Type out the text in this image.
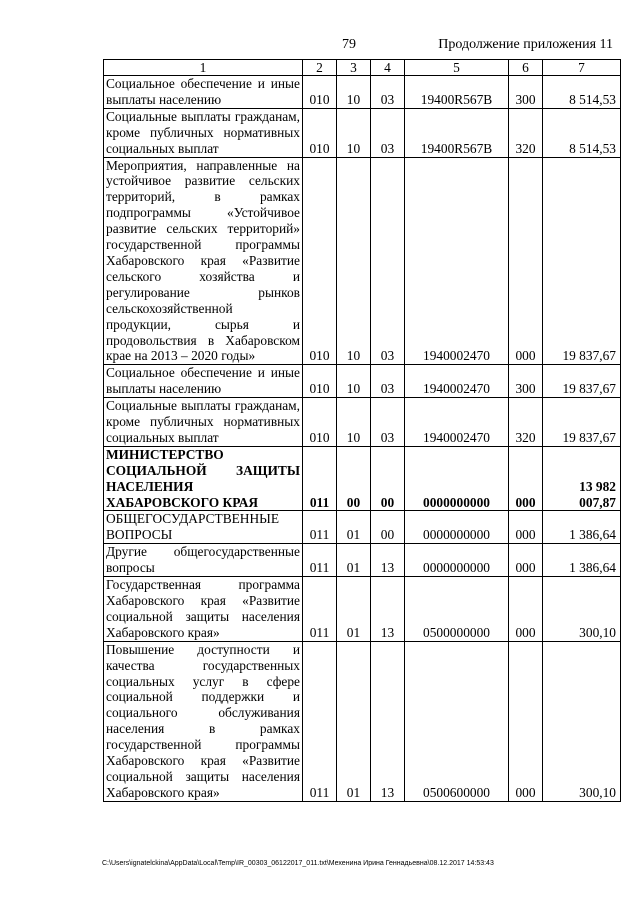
79	Продолжение приложения 11
1	2	3	4	5	6	7
Социальное обеспечение и иные выплаты населению	010	10	03	19400R567B	300	8 514,53
Социальные выплаты гражданам, кроме публичных нормативных социальных выплат	010	10	03	19400R567B	320	8 514,53
Мероприятия, направленные на устойчивое развитие сельских территорий, в рамках подпрограммы «Устойчивое развитие сельских территорий» государственной программы Хабаровского края «Развитие сельского хозяйства и регулирование рынков сельскохозяйственной продукции, сырья и продовольствия в Хабаровском крае на 2013 – 2020 годы»	010	10	03	1940002470	000	19 837,67
Социальное обеспечение и иные выплаты населению	010	10	03	1940002470	300	19 837,67
Социальные выплаты гражданам, кроме публичных нормативных социальных выплат	010	10	03	1940002470	320	19 837,67
МИНИСТЕРСТВО СОЦИАЛЬНОЙ ЗАЩИТЫ НАСЕЛЕНИЯ ХАБАРОВСКОГО КРАЯ	011	00	00	0000000000	000	13 982 007,87
ОБЩЕГОСУДАРСТВЕННЫЕ ВОПРОСЫ	011	01	00	0000000000	000	1 386,64
Другие общегосударственные вопросы	011	01	13	0000000000	000	1 386,64
Государственная программа Хабаровского края «Развитие социальной защиты населения Хабаровского края»	011	01	13	0500000000	000	300,10
Повышение доступности и качества государственных социальных услуг в сфере социальной поддержки и социального обслуживания населения в рамках государственной программы Хабаровского края «Развитие социальной защиты населения Хабаровского края»	011	01	13	0500600000	000	300,10
C:\Users\ignatelckina\AppData\Local\Temp\IR_00303_06122017_011.txt\Мехенина Ирина Геннадьевна\08.12.2017 14:53:43
